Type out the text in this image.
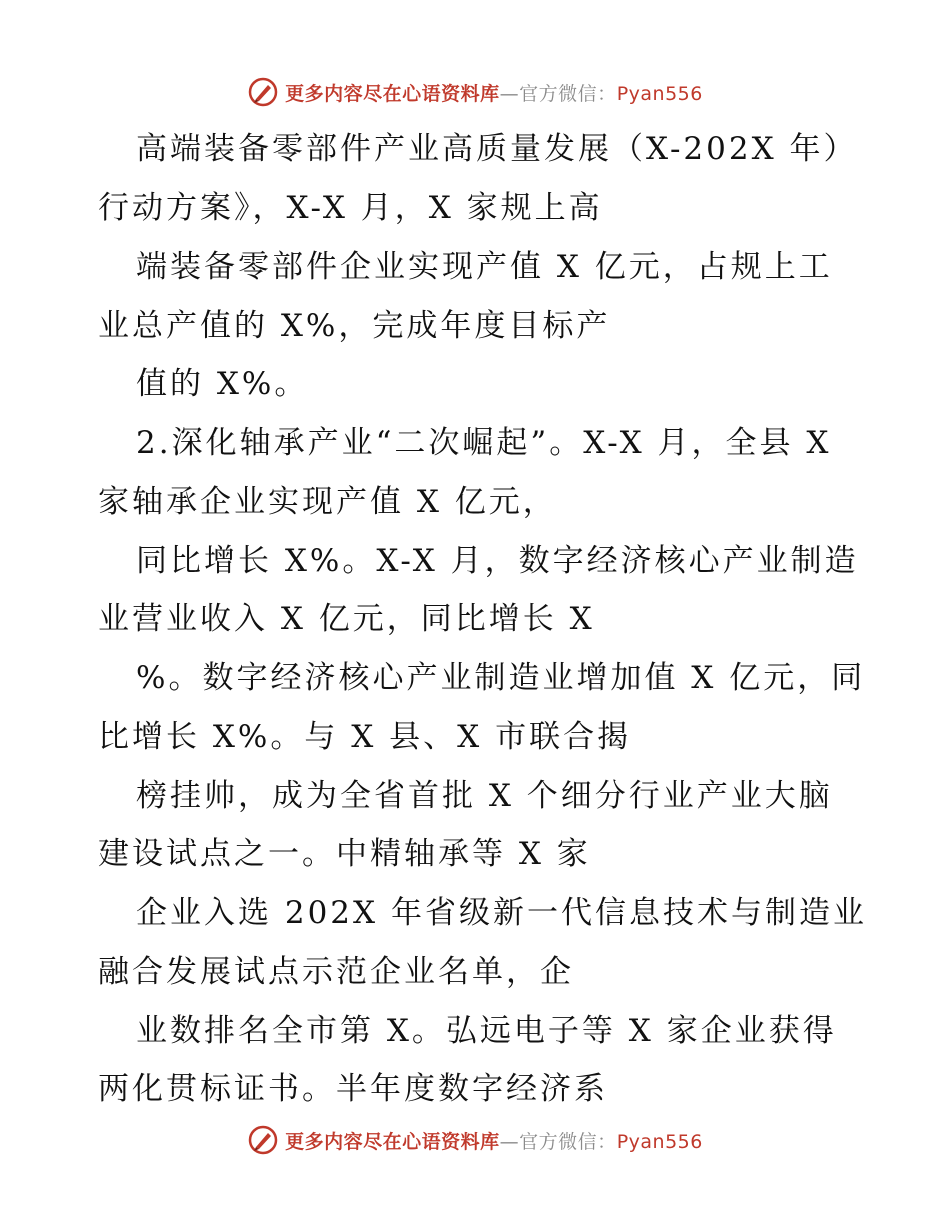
更多内容尽在心语资料库—官方微信：Pyan556
高端装备零部件产业高质量发展（X-202X 年）
行动方案》，X-X 月，X 家规上高
端装备零部件企业实现产值 X 亿元，占规上工
业总产值的 X%，完成年度目标产
值的 X%。
2.深化轴承产业“二次崛起”。X-X 月，全县 X
家轴承企业实现产值 X 亿元，
同比增长 X%。X-X 月，数字经济核心产业制造
业营业收入 X 亿元，同比增长 X
%。数字经济核心产业制造业增加值 X 亿元，同
比增长 X%。与 X 县、X 市联合揭
榜挂帅，成为全省首批 X 个细分行业产业大脑
建设试点之一。中精轴承等 X 家
企业入选 202X 年省级新一代信息技术与制造业
融合发展试点示范企业名单，企
业数排名全市第 X。弘远电子等 X 家企业获得
两化贯标证书。半年度数字经济系
更多内容尽在心语资料库—官方微信：Pyan556
